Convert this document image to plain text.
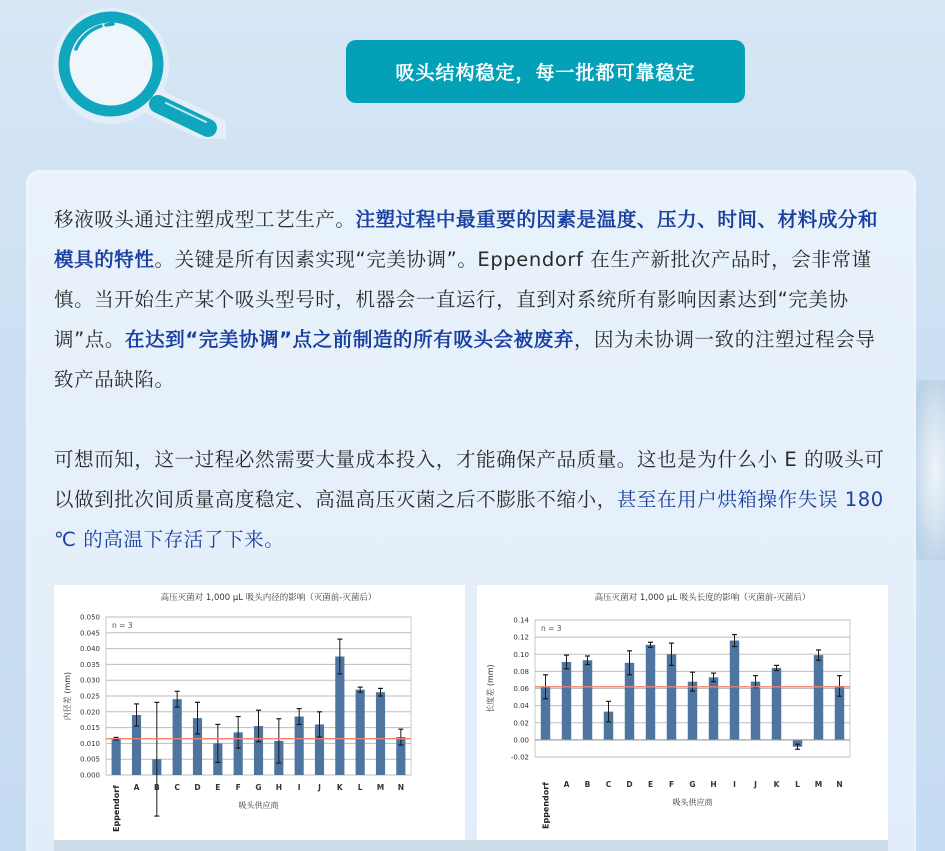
吸头结构稳定，每一批都可靠稳定

移液吸头通过注塑成型工艺生产。注塑过程中最重要的因素是温度、压力、时间、材料成分和模具的特性。关键是所有因素实现“完美协调”。Eppendorf 在生产新批次产品时，会非常谨慎。当开始生产某个吸头型号时，机器会一直运行，直到对系统所有影响因素达到“完美协调”点。在达到“完美协调”点之前制造的所有吸头会被废弃，因为未协调一致的注塑过程会导致产品缺陷。

可想而知，这一过程必然需要大量成本投入，才能确保产品质量。这也是为什么小 E 的吸头可以做到批次间质量高度稳定、高温高压灭菌之后不膨胀不缩小，甚至在用户烘箱操作失误 180 ℃ 的高温下存活了下来。

高压灭菌对 1,000 μL 吸头内径的影响（灭菌前-灭菌后）
0.000
0.005
0.010
0.015
0.020
0.025
0.030
0.035
0.040
0.045
0.050
n = 3
Eppendorf A B C D E F G H I J K L M N
吸头供应商
内径差 (mm)
高压灭菌对 1,000 μL 吸头长度的影响（灭菌前-灭菌后）
-0.02
0.00
0.02
0.04
0.06
0.08
0.10
0.12
0.14
n = 3
Eppendorf A B C D E F G H I J K L M N
吸头供应商
长度差 (mm)
